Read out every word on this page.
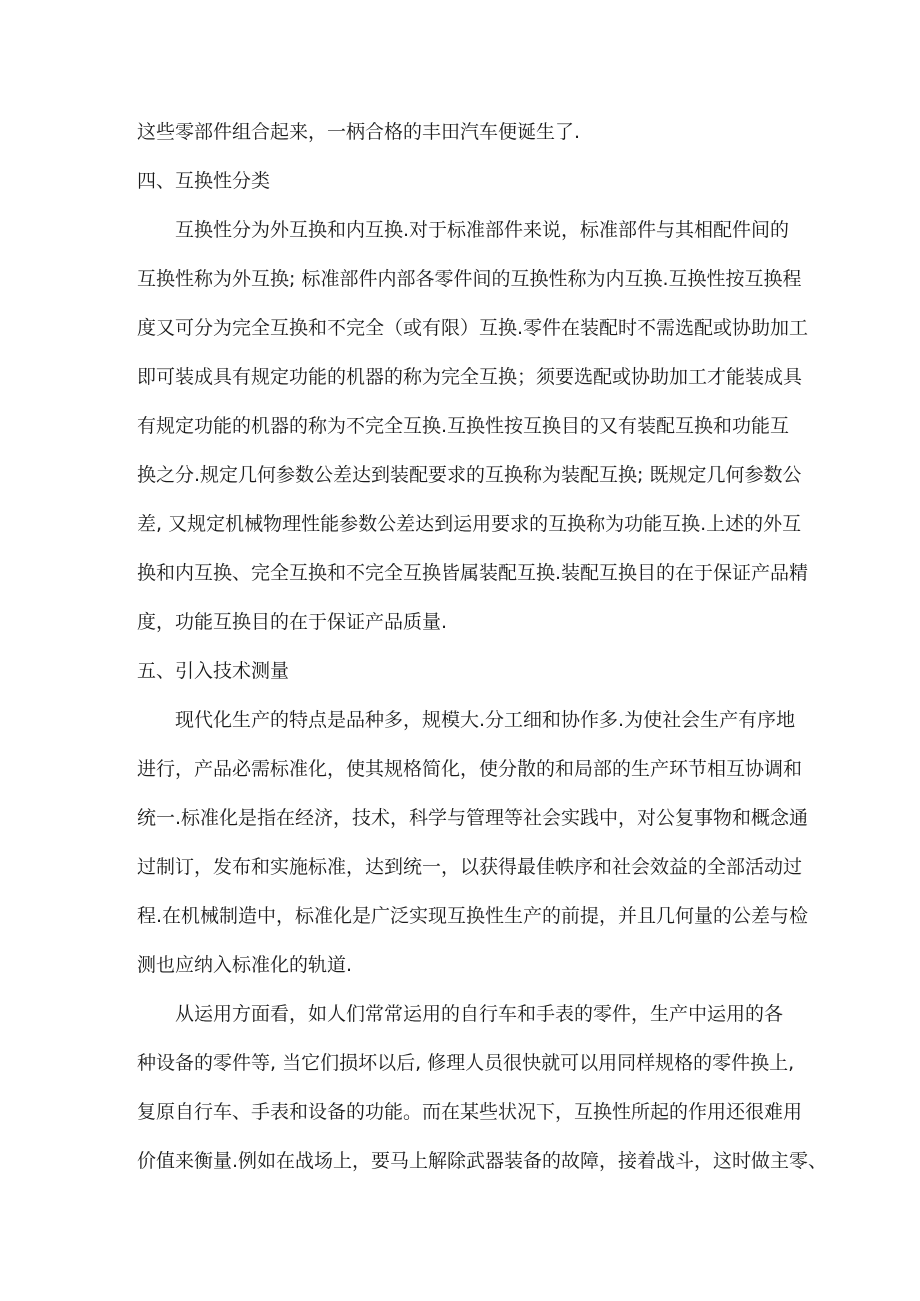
这些零部件组合起来，一柄合格的丰田汽车便诞生了.

四、互换性分类

互换性分为外互换和内互换.对于标准部件来说，标准部件与其相配件间的

互换性称为外互换; 标准部件内部各零件间的互换性称为内互换.互换性按互换程

度又可分为完全互换和不完全（或有限）互换.零件在装配时不需选配或协助加工

即可装成具有规定功能的机器的称为完全互换；须要选配或协助加工才能装成具

有规定功能的机器的称为不完全互换.互换性按互换目的又有装配互换和功能互

换之分.规定几何参数公差达到装配要求的互换称为装配互换; 既规定几何参数公

差, 又规定机械物理性能参数公差达到运用要求的互换称为功能互换.上述的外互

换和内互换、完全互换和不完全互换皆属装配互换.装配互换目的在于保证产品精

度，功能互换目的在于保证产品质量.

五、引入技术测量

现代化生产的特点是品种多，规模大.分工细和协作多.为使社会生产有序地

进行，产品必需标准化，使其规格简化，使分散的和局部的生产环节相互协调和

统一.标准化是指在经济，技术，科学与管理等社会实践中，对公复事物和概念通

过制订，发布和实施标准，达到统一，以获得最佳帙序和社会效益的全部活动过

程.在机械制造中，标准化是广泛实现互换性生产的前提，并且几何量的公差与检

测也应纳入标准化的轨道.

从运用方面看，如人们常常运用的自行车和手表的零件，生产中运用的各

种设备的零件等, 当它们损坏以后, 修理人员很快就可以用同样规格的零件换上,

复原自行车、手表和设备的功能。而在某些状况下，互换性所起的作用还很难用

价值来衡量.例如在战场上，要马上解除武器装备的故障，接着战斗，这时做主零、
